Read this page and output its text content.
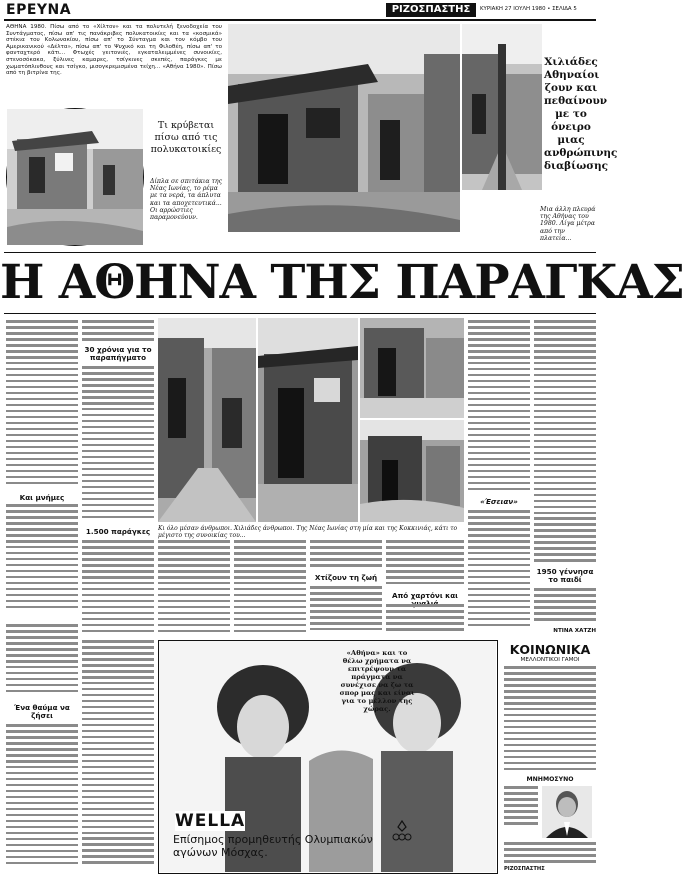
ΕΡΕΥΝΑ	ΡΙΖΟΣΠΑΣΤΗΣ	ΚΥΡΙΑΚΗ 27 ΙΟΥΛΗ 1980 • ΣΕΛΙΔΑ 5
ΑΘΗΝΑ 1980. Πίσω από το «Χίλτον» και τα πολυτελή ξενοδοχεία του Συντάγματος, πίσω απ' τις πανάκριβες πολυκατοικίες και τα «κοσμικά» στέκια του Κολωνακίου, πίσω απ' το Σύνταγμα και τον κόμβο του Αμερικανικού «Δέλτα», πίσω απ' το Ψυχικό και τη Φιλοθέη, πίσω απ' το φανταχτερό κάτι... Φτωχές γειτονιές, εγκαταλειμμένες συνοικίες, στενοσόκακα, ξύλινες καμαρες, τσίγκινες σκεπές, παράγκες με χωματόπλινθους και τσίγκο, μισογκρεμισμένα τείχη... «Αθήνα 1980». Πίσω από τη βιτρίνα της.
Τι κρύβεται πίσω από τις πολυκατοικίες
Δίπλα σε σπιτάκια της Νέας Ιωνίας, το ρέμα με τα νερά, τα άπλυτα και τα αποχετευτικά... Οι αρρώστιες παραμονεύουν.
Χιλιάδες Αθηναίοι ζουν και πεθαίνουν με το όνειρο μιας ανθρώπινης διαβίωσης
Μια άλλη πλευρά της Αθήνας του 1980. Λίγα μέτρα από την πλατεία...
Η ΑΘΗΝΑ ΤΗΣ ΠΑΡΑΓΚΑΣ
Και μνήμες
Ένα θαύμα να ζήσει
30 χρόνια για το παραπήγματο
1.500 παράγκες	Κι όλο μέσαν άνθρωποι. Χιλιάδες άνθρωποι. Της Νέας Ιωνίας στη μία και της Κοκκινιάς, κάτι το μέγιστο της συνοικίας του...
Χτίζουν τη ζωή
Από χαρτόνι και
«Έσειαν»
1950 γέννησα το παιδί
ΝΤΙΝΑ ΧΑΤΖΗ
«Αθήνα» και το θέλω χρήματα να επιτρέψουν τα πράγματα να συνέχισε να ζω τα σπορ μας και είναι για το μέλλον της χώρας.
WELLA
Επίσημος προμηθευτής Ολυμπιακών αγώνων Μόσχας.
ΚΟΙΝΩΝΙΚΑ
ΜΕΛΛΟΝΤΙΚΟΙ ΓΑΜΟΙ
ΜΝΗΜΟΣΥΝΟ
ΡΙΖΟΣΠΑΣΤΗΣ
